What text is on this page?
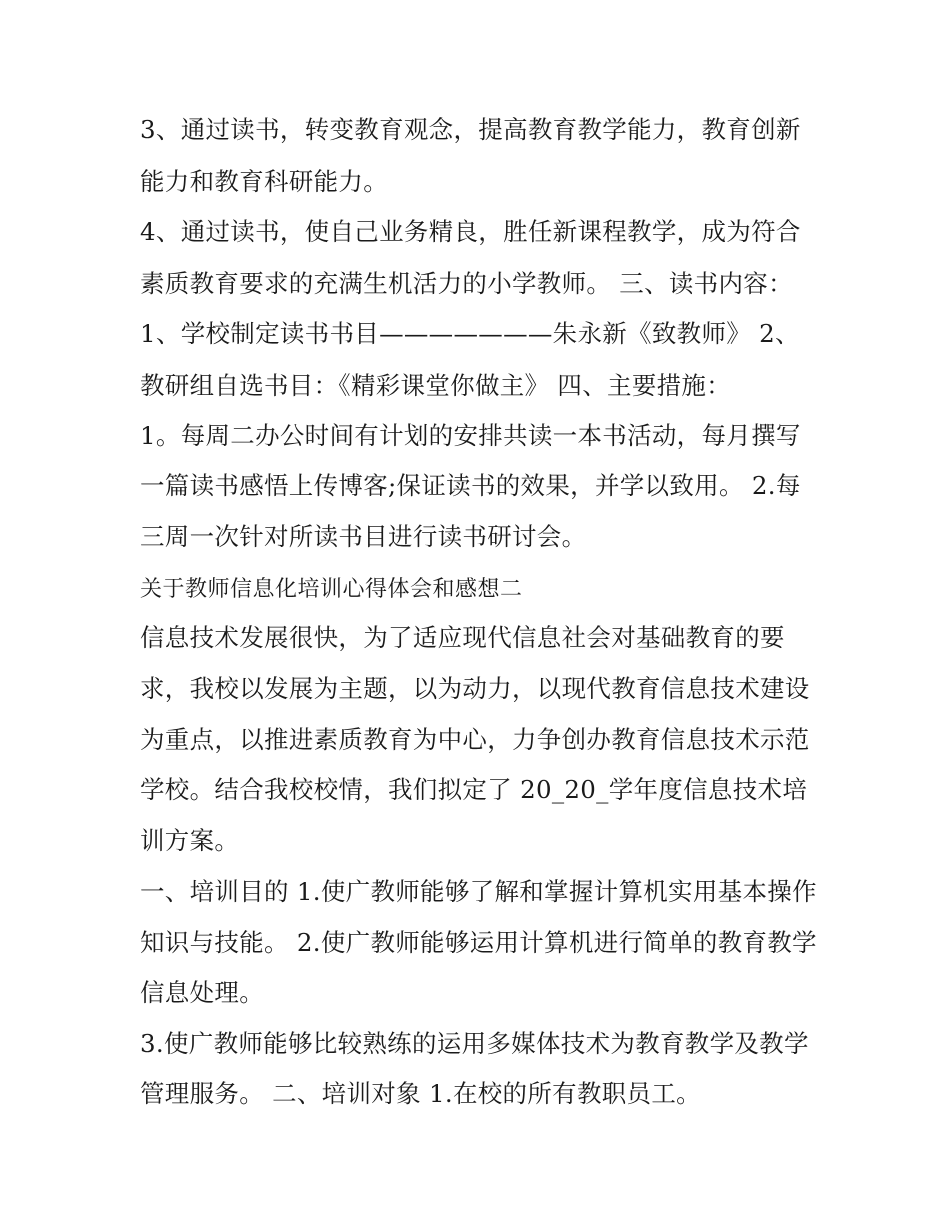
3、通过读书，转变教育观念，提高教育教学能力，教育创新
能力和教育科研能力。
4、通过读书，使自己业务精良，胜任新课程教学，成为符合
素质教育要求的充满生机活力的小学教师。 三、读书内容：
1、学校制定读书书目———————朱永新《致教师》 2、
教研组自选书目：《精彩课堂你做主》 四、主要措施：
1。每周二办公时间有计划的安排共读一本书活动，每月撰写
一篇读书感悟上传博客;保证读书的效果，并学以致用。 2.每
三周一次针对所读书目进行读书研讨会。
关于教师信息化培训心得体会和感想二
信息技术发展很快，为了适应现代信息社会对基础教育的要
求，我校以发展为主题，以为动力，以现代教育信息技术建设
为重点，以推进素质教育为中心，力争创办教育信息技术示范
学校。结合我校校情，我们拟定了 20_20_学年度信息技术培
训方案。
一、培训目的 1.使广教师能够了解和掌握计算机实用基本操作
知识与技能。 2.使广教师能够运用计算机进行简单的教育教学
信息处理。
3.使广教师能够比较熟练的运用多媒体技术为教育教学及教学
管理服务。 二、培训对象 1.在校的所有教职员工。
